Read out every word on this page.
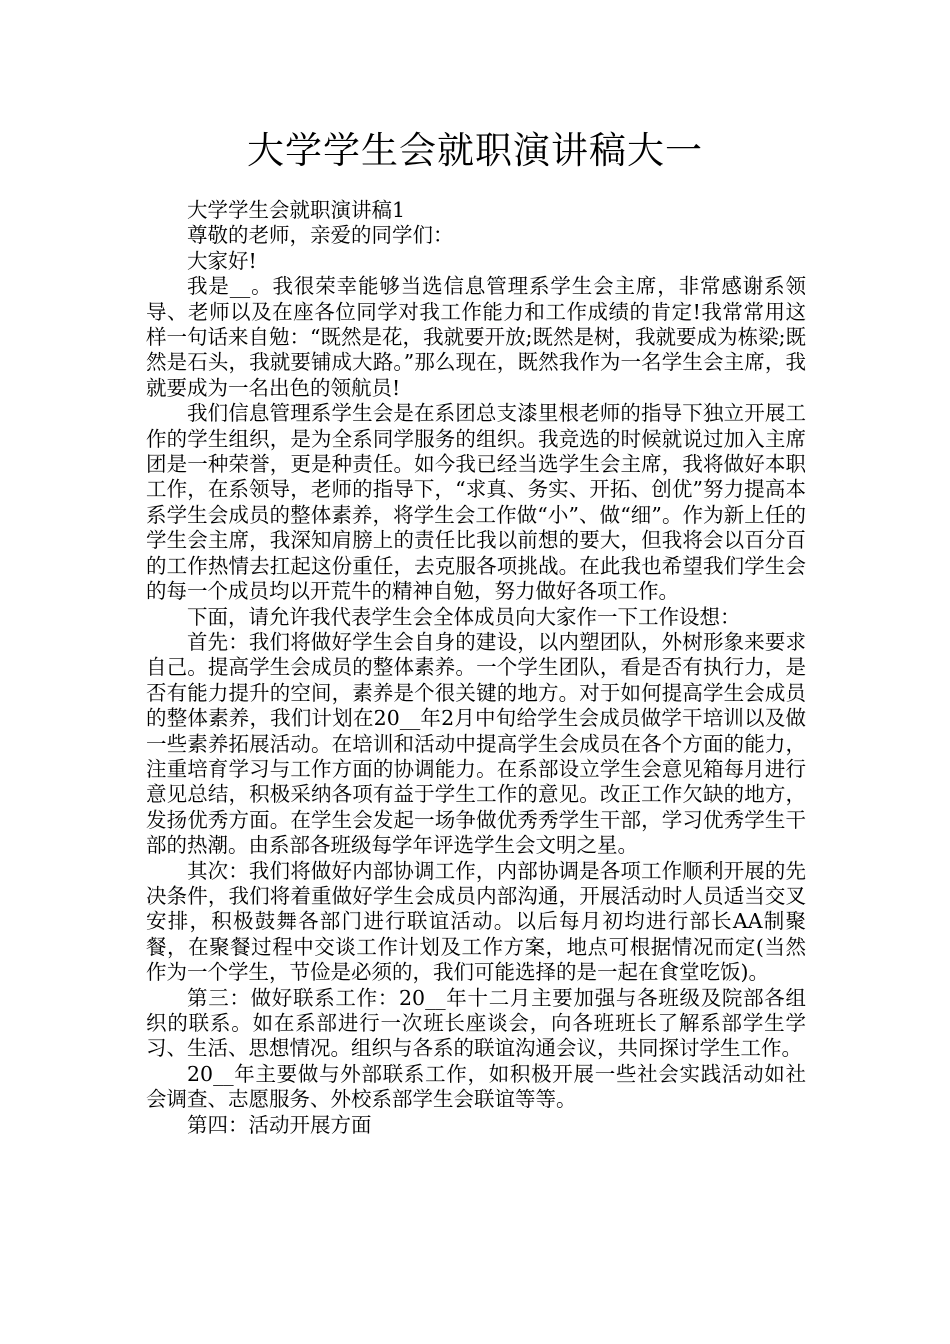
大学学生会就职演讲稿大一

大学学生会就职演讲稿1

尊敬的老师，亲爱的同学们：

大家好!

我是__。我很荣幸能够当选信息管理系学生会主席，非常感谢系领导、老师以及在座各位同学对我工作能力和工作成绩的肯定!我常常用这样一句话来自勉：“既然是花，我就要开放;既然是树，我就要成为栋梁;既然是石头，我就要铺成大路。”那么现在，既然我作为一名学生会主席，我就要成为一名出色的领航员!

我们信息管理系学生会是在系团总支漆里根老师的指导下独立开展工作的学生组织，是为全系同学服务的组织。我竞选的时候就说过加入主席团是一种荣誉，更是种责任。如今我已经当选学生会主席，我将做好本职工作，在系领导，老师的指导下，“求真、务实、开拓、创优”努力提高本系学生会成员的整体素养，将学生会工作做“小”、做“细”。作为新上任的学生会主席，我深知肩膀上的责任比我以前想的要大，但我将会以百分百的工作热情去扛起这份重任，去克服各项挑战。在此我也希望我们学生会的每一个成员均以开荒牛的精神自勉，努力做好各项工作。

下面，请允许我代表学生会全体成员向大家作一下工作设想：

首先：我们将做好学生会自身的建设，以内塑团队，外树形象来要求自己。提高学生会成员的整体素养。一个学生团队，看是否有执行力，是否有能力提升的空间，素养是个很关键的地方。对于如何提高学生会成员的整体素养，我们计划在20__年2月中旬给学生会成员做学干培训以及做一些素养拓展活动。在培训和活动中提高学生会成员在各个方面的能力，注重培育学习与工作方面的协调能力。在系部设立学生会意见箱每月进行意见总结，积极采纳各项有益于学生工作的意见。改正工作欠缺的地方，发扬优秀方面。在学生会发起一场争做优秀秀学生干部，学习优秀学生干部的热潮。由系部各班级每学年评选学生会文明之星。

其次：我们将做好内部协调工作，内部协调是各项工作顺利开展的先决条件，我们将着重做好学生会成员内部沟通，开展活动时人员适当交叉安排，积极鼓舞各部门进行联谊活动。以后每月初均进行部长AA制聚餐，在聚餐过程中交谈工作计划及工作方案，地点可根据情况而定(当然作为一个学生，节俭是必须的，我们可能选择的是一起在食堂吃饭)。

第三：做好联系工作：20__年十二月主要加强与各班级及院部各组织的联系。如在系部进行一次班长座谈会，向各班班长了解系部学生学习、生活、思想情况。组织与各系的联谊沟通会议，共同探讨学生工作。

20__年主要做与外部联系工作，如积极开展一些社会实践活动如社会调查、志愿服务、外校系部学生会联谊等等。

第四：活动开展方面
